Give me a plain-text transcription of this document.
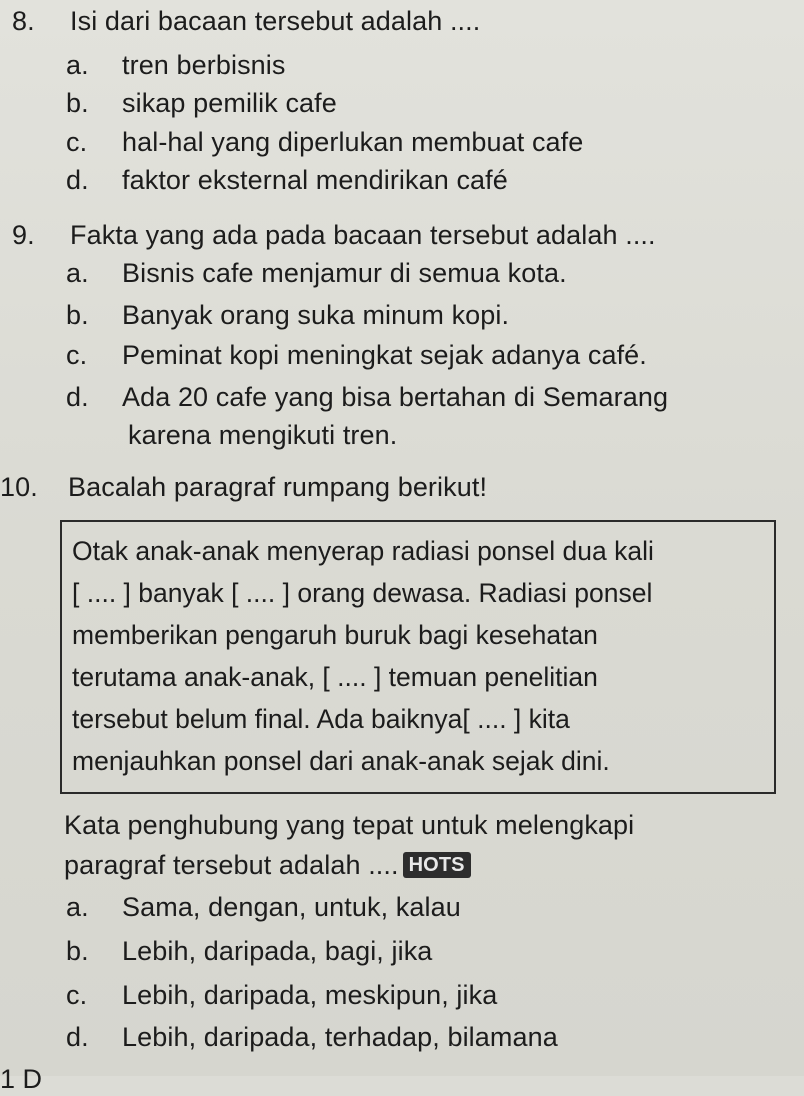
8. Isi dari bacaan tersebut adalah ....
a. tren berbisnis
b. sikap pemilik cafe
c. hal-hal yang diperlukan membuat cafe
d. faktor eksternal mendirikan café
9. Fakta yang ada pada bacaan tersebut adalah ....
a. Bisnis cafe menjamur di semua kota.
b. Banyak orang suka minum kopi.
c. Peminat kopi meningkat sejak adanya café.
d. Ada 20 cafe yang bisa bertahan di Semarang
karena mengikuti tren.
10. Bacalah paragraf rumpang berikut!
Otak anak-anak menyerap radiasi ponsel dua kali
[ .... ] banyak [ .... ] orang dewasa. Radiasi ponsel
memberikan pengaruh buruk bagi kesehatan
terutama anak-anak, [ .... ] temuan penelitian
tersebut belum final. Ada baiknya[ .... ] kita
menjauhkan ponsel dari anak-anak sejak dini.
Kata penghubung yang tepat untuk melengkapi
paragraf tersebut adalah .... HOTS
a. Sama, dengan, untuk, kalau
b. Lebih, daripada, bagi, jika
c. Lebih, daripada, meskipun, jika
d. Lebih, daripada, terhadap, bilamana
1 D
